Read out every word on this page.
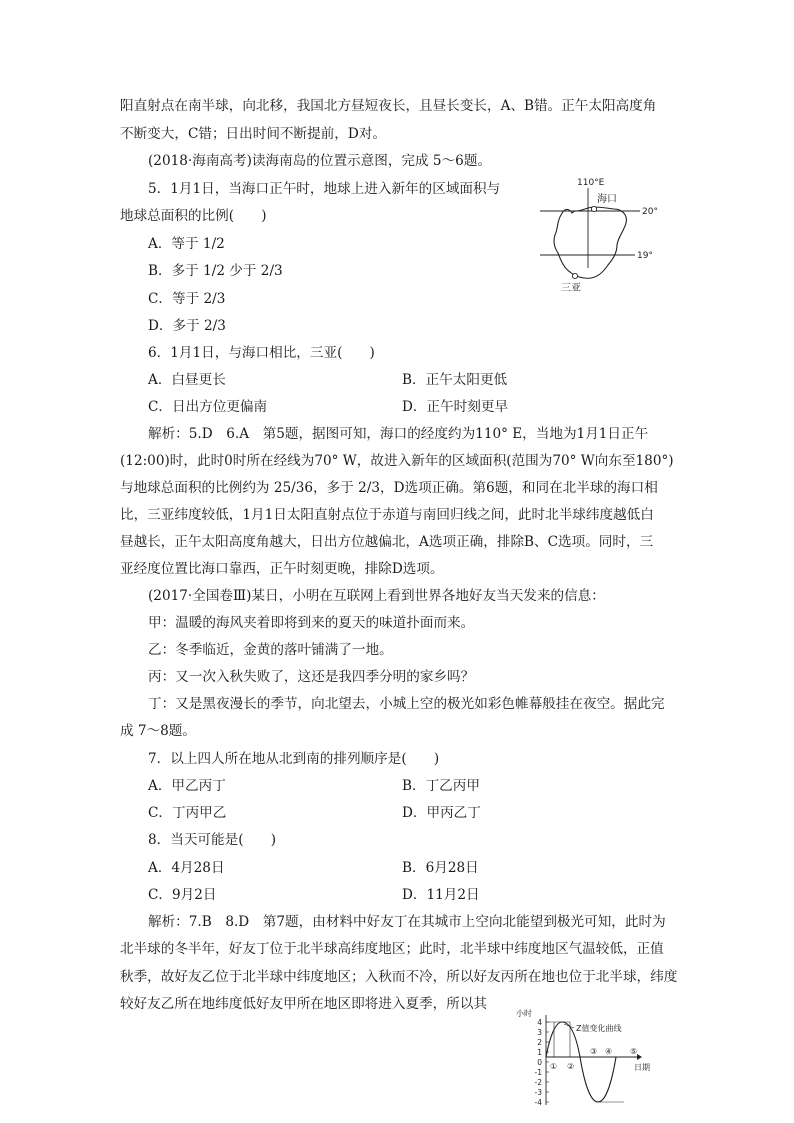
阳直射点在南半球，向北移，我国北方昼短夜长，且昼长变长，A、B错。正午太阳高度角
不断变大，C错；日出时间不断提前，D对。
(2018·海南高考)读海南岛的位置示意图，完成 5～6题。
5．1月1日，当海口正午时，地球上进入新年的区域面积与
地球总面积的比例(　　)
A．等于 1/2
B．多于 1/2 少于 2/3
C．等于 2/3
D．多于 2/3
6．1月1日，与海口相比，三亚(　　)
A．白昼更长	B．正午太阳更低
C．日出方位更偏南	D．正午时刻更早
解析：5.D　6.A　第5题，据图可知，海口的经度约为110° E，当地为1月1日正午
(12:00)时，此时0时所在经线为70° W，故进入新年的区域面积(范围为70° W向东至180°)
与地球总面积的比例约为 25/36，多于 2/3，D选项正确。第6题，和同在北半球的海口相
比，三亚纬度较低，1月1日太阳直射点位于赤道与南回归线之间，此时北半球纬度越低白
昼越长，正午太阳高度角越大，日出方位越偏北，A选项正确，排除B、C选项。同时，三
亚经度位置比海口靠西，正午时刻更晚，排除D选项。
(2017·全国卷Ⅲ)某日，小明在互联网上看到世界各地好友当天发来的信息：
甲：温暖的海风夹着即将到来的夏天的味道扑面而来。
乙：冬季临近，金黄的落叶铺满了一地。
丙：又一次入秋失败了，这还是我四季分明的家乡吗？
丁：又是黑夜漫长的季节，向北望去，小城上空的极光如彩色帷幕般挂在夜空。据此完
成 7～8题。
7．以上四人所在地从北到南的排列顺序是(　　)
A．甲乙丙丁	B．丁乙丙甲
C．丁丙甲乙	D．甲丙乙丁
8．当天可能是(　　)
A．4月28日	B．6月28日
C．9月2日	D．11月2日
解析：7.B　8.D　第7题，由材料中好友丁在其城市上空向北能望到极光可知，此时为
北半球的冬半年，好友丁位于北半球高纬度地区；此时，北半球中纬度地区气温较低，正值
秋季，故好友乙位于北半球中纬度地区；入秋而不冷，所以好友丙所在地也位于北半球，纬度
较好友乙所在地纬度低好友甲所在地区即将进入夏季，所以其
110°E
20°
19°
海口
三亚
小时
日期
4
3
2
1
0
-1
-2
-3
-4
Z值变化曲线
① ②
③ ④ ⑤
